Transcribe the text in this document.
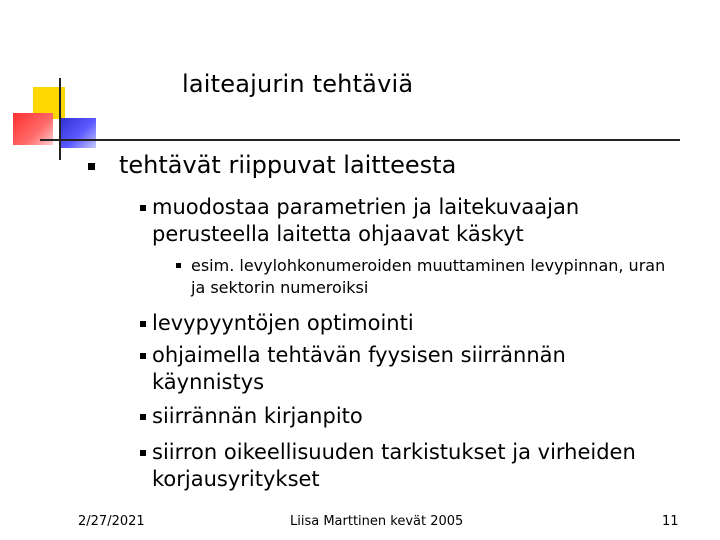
laiteajurin tehtäviä
tehtävät riippuvat laitteesta
muodostaa parametrien ja laitekuvaajan perusteella laitetta ohjaavat käskyt
esim. levylohkonumeroiden muuttaminen levypinnan, uran ja sektorin numeroiksi
levypyyntöjen optimointi
ohjaimella tehtävän fyysisen siirrännän käynnistys
siirrännän kirjanpito
siirron oikeellisuuden tarkistukset ja virheiden korjausyritykset
2/27/2021	Liisa Marttinen kevät 2005	11
